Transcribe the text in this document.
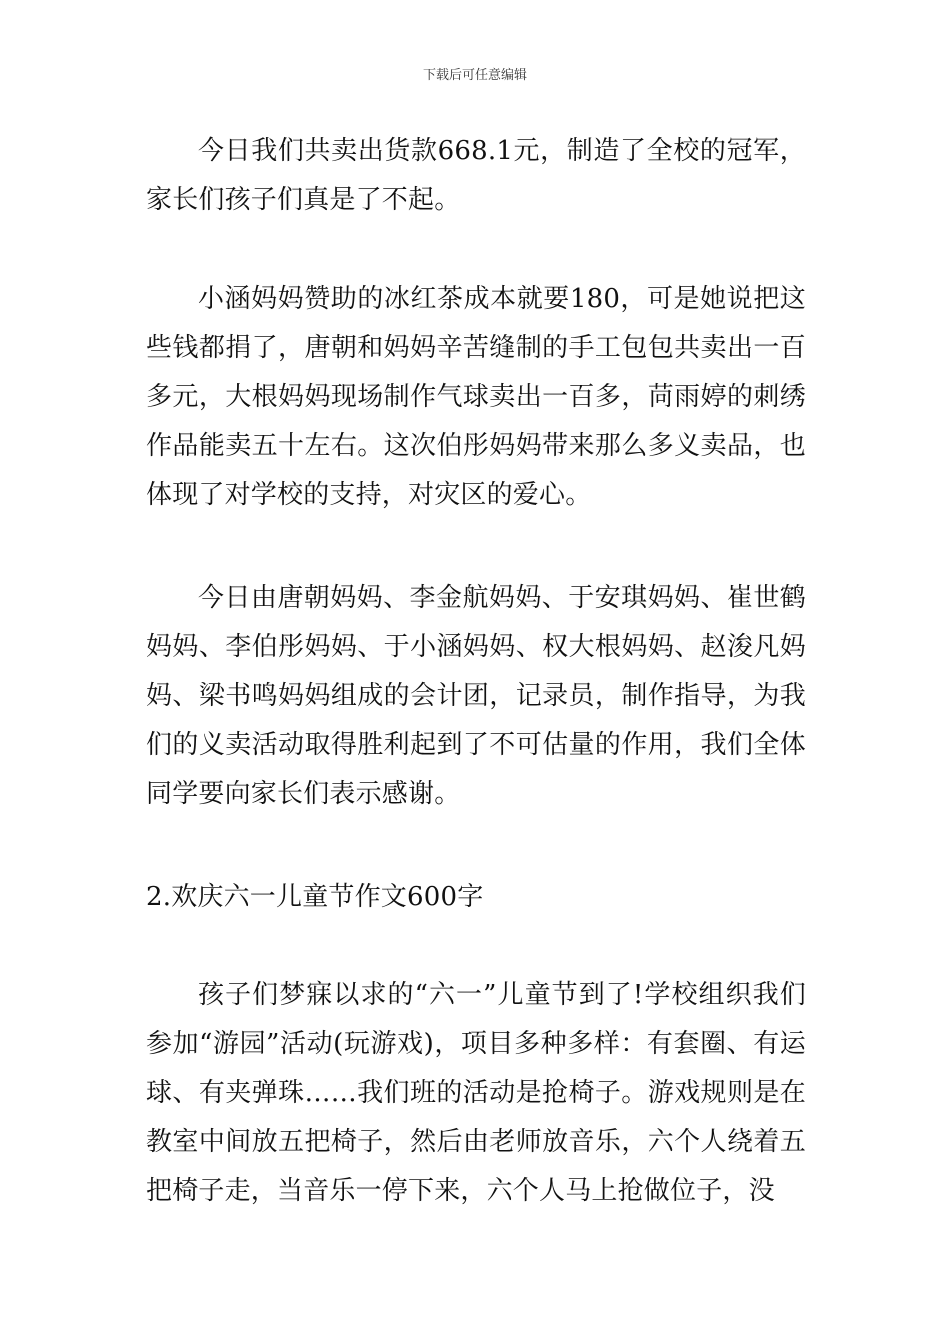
下载后可任意编辑

今日我们共卖出货款668.1元，制造了全校的冠军，家长们孩子们真是了不起。

小涵妈妈赞助的冰红茶成本就要180，可是她说把这些钱都捐了，唐朝和妈妈辛苦缝制的手工包包共卖出一百多元，大根妈妈现场制作气球卖出一百多，苘雨婷的刺绣作品能卖五十左右。这次伯彤妈妈带来那么多义卖品，也体现了对学校的支持，对灾区的爱心。

今日由唐朝妈妈、李金航妈妈、于安琪妈妈、崔世鹤妈妈、李伯彤妈妈、于小涵妈妈、权大根妈妈、赵浚凡妈妈、梁书鸣妈妈组成的会计团，记录员，制作指导，为我们的义卖活动取得胜利起到了不可估量的作用，我们全体同学要向家长们表示感谢。

2.欢庆六一儿童节作文600字

孩子们梦寐以求的“六一”儿童节到了!学校组织我们参加“游园”活动(玩游戏)，项目多种多样：有套圈、有运球、有夹弹珠……我们班的活动是抢椅子。游戏规则是在教室中间放五把椅子，然后由老师放音乐，六个人绕着五把椅子走，当音乐一停下来，六个人马上抢做位子，没
